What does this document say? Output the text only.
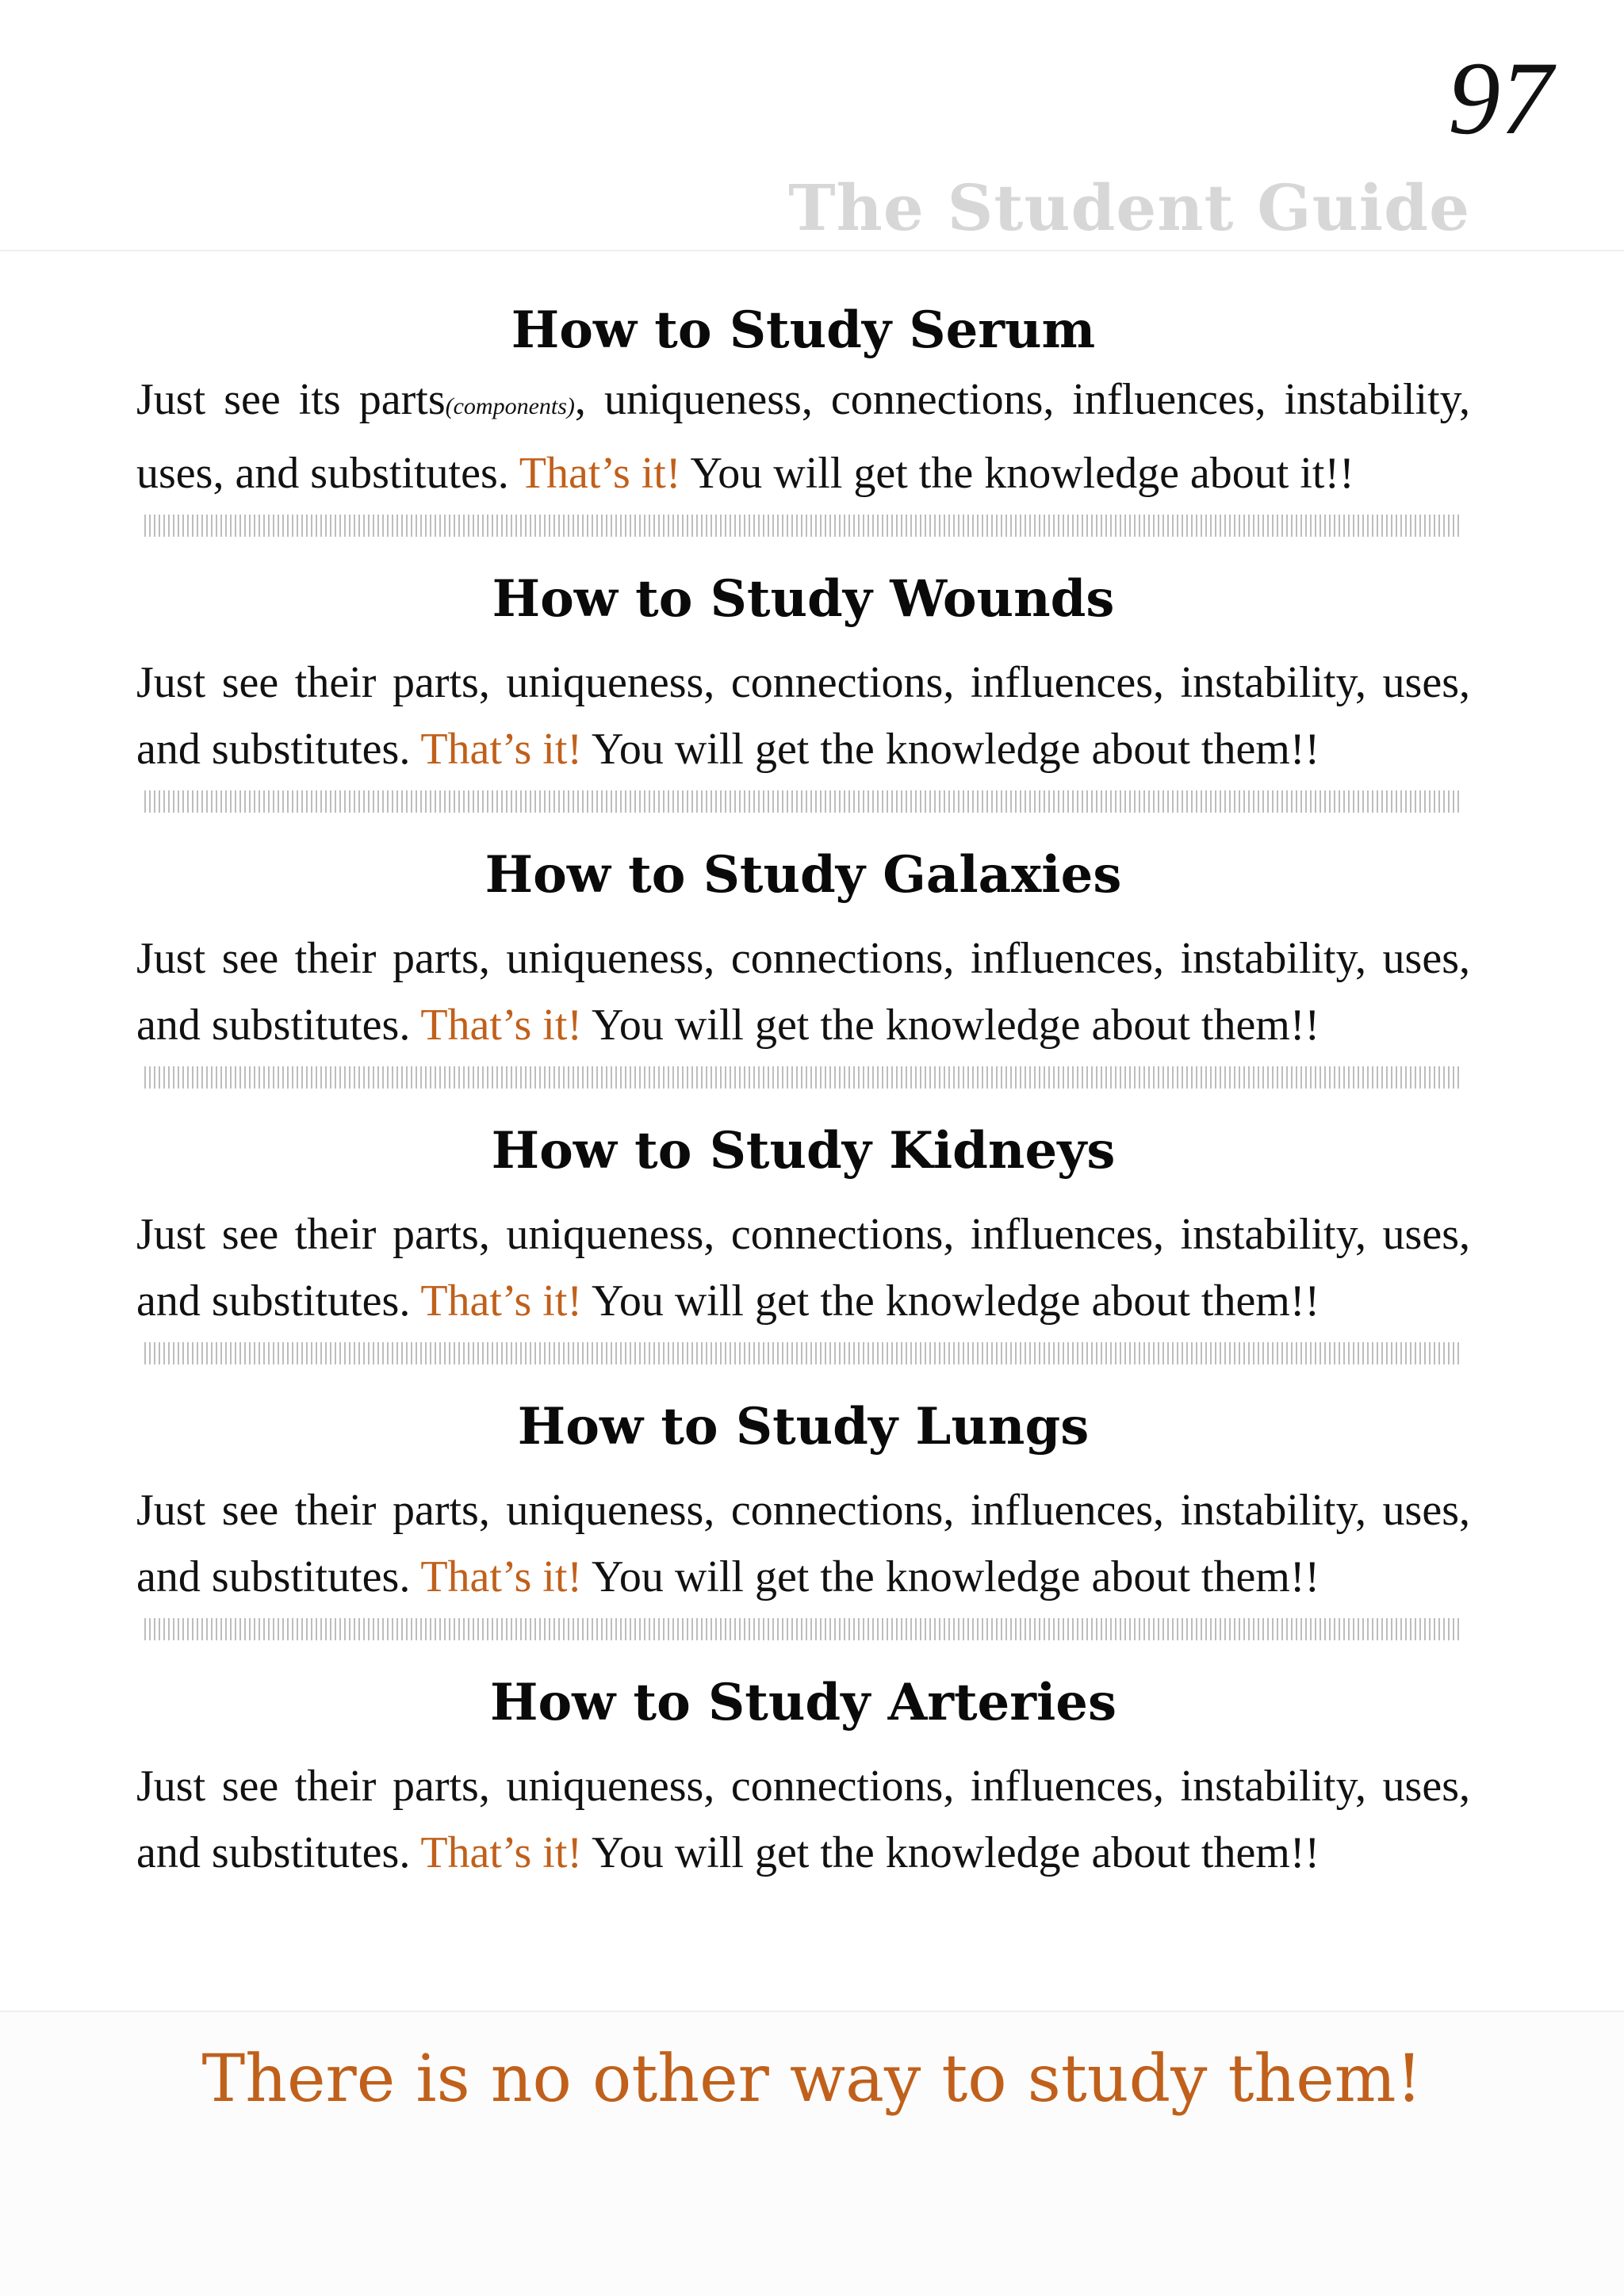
97
The Student Guide
How to Study Serum

Just see its parts(components), uniqueness, connections, influences, instability, uses, and substitutes. That’s it! You will get the knowledge about it!!

How to Study Wounds

Just see their parts, uniqueness, connections, influences, instability, uses, and substitutes. That’s it! You will get the knowledge about them!!

How to Study Galaxies

Just see their parts, uniqueness, connections, influences, instability, uses, and substitutes. That’s it! You will get the knowledge about them!!

How to Study Kidneys

Just see their parts, uniqueness, connections, influences, instability, uses, and substitutes. That’s it! You will get the knowledge about them!!

How to Study Lungs

Just see their parts, uniqueness, connections, influences, instability, uses, and substitutes. That’s it! You will get the knowledge about them!!

How to Study Arteries

Just see their parts, uniqueness, connections, influences, instability, uses, and substitutes. That’s it! You will get the knowledge about them!!

There is no other way to study them!
